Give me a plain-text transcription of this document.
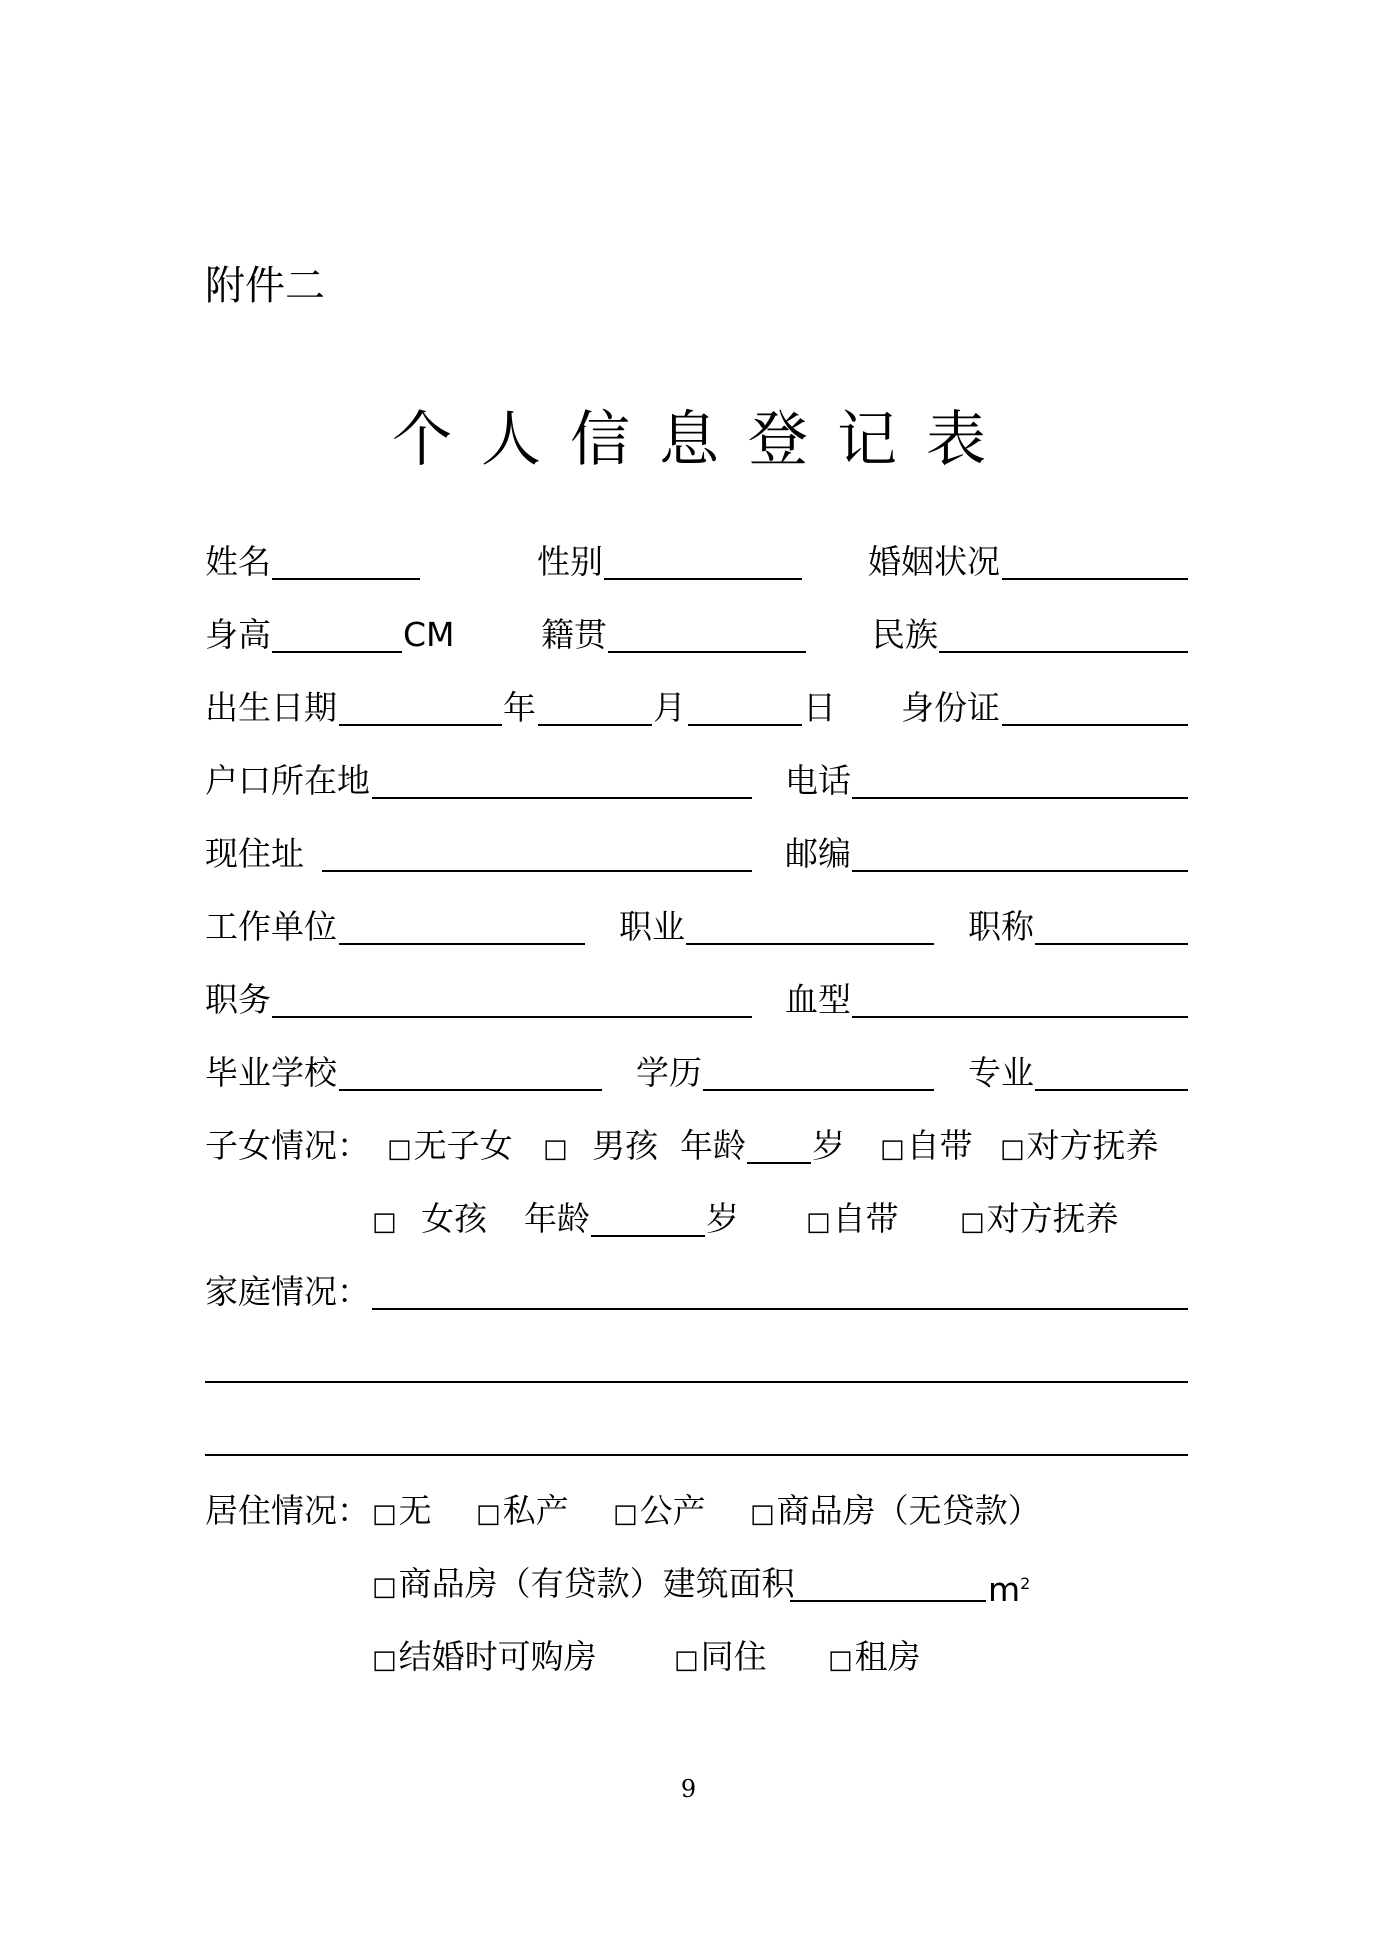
附件二
个 人 信 息 登 记 表
姓名	性别	婚姻状况
身高	CM	籍贯	民族
出生日期	年	月	日 身份证
户口所在地	电话
现住址	邮编
工作单位	职业	职称
职务	血型
毕业学校	学历	专业
子女情况： □无子女 □ 男孩 年龄 岁 □自带 □对方抚养
□ 女孩 年龄	岁	□自带 □对方抚养
家庭情况：
居住情况： □无 □私产 □公产 □商品房（无贷款）
□商品房（有贷款）建筑面积	$m^2$
□结婚时可购房	□同住 □租房
9
